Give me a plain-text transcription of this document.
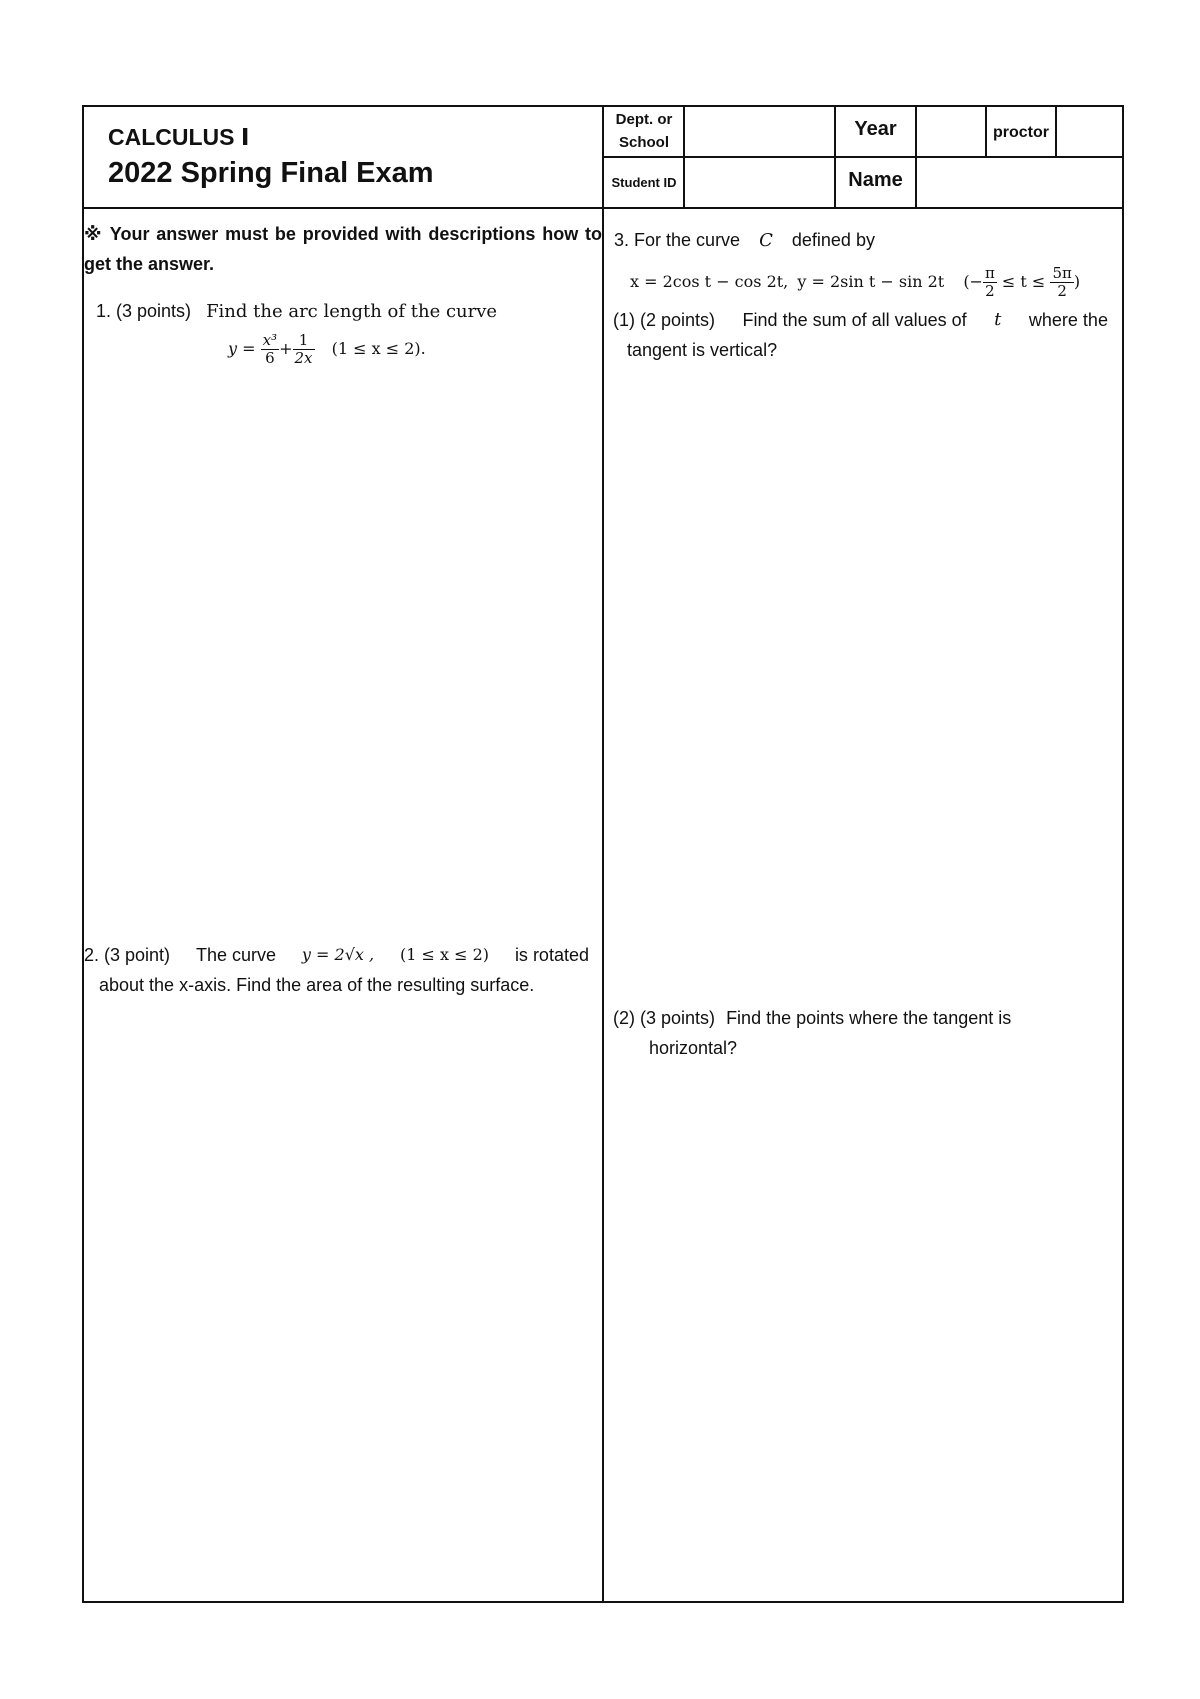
CALCULUS Ⅰ
2022 Spring Final Exam
Dept. or School
Year	proctor
Student ID	Name
※ Your answer must be provided with descriptions how to get the answer.
1. (3 points) Find the arc length of the curve
$y = \frac{\text{x³}}{6} + \frac{1}{2x} (1 \le x \le 2)$.
2. (3 point) The curve y = 2√x , (1 ≤ x ≤ 2) is rotated
about the x-axis. Find the area of the resulting surface.
3. For the curve C defined by
x = 2cos t − cos 2t, y = 2sin t − sin 2t (− $\frac{\pi}{2} \le t \le \frac{5\pi}{2}$ )
(1) (2 points) Find the sum of all values of t where the
tangent is vertical?
(2) (3 points) Find the points where the tangent is
horizontal?
